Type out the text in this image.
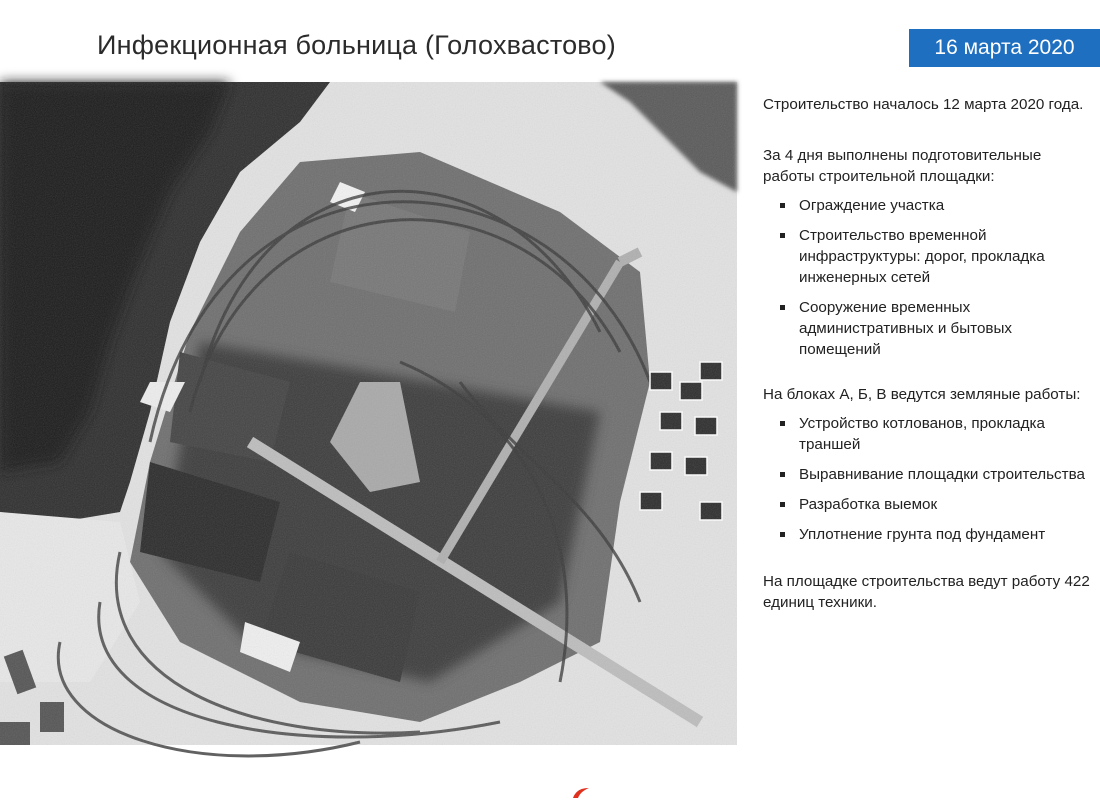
Инфекционная больница (Голохвастово)	16 марта 2020
РОСКОСМОС

Строительство началось 12 марта 2020 года.

За 4 дня выполнены подготовительные работы строительной площадки:

Ограждение участка
Строительство временной инфраструктуры: дорог, прокладка инженерных сетей
Сооружение временных административных и бытовых помещений

На блоках А, Б, В ведутся земляные работы:

Устройство котлованов, прокладка траншей
Выравнивание площадки строительства
Разработка выемок
Уплотнение грунта под фундамент

На площадке строительства ведут работу 422 единиц техники.
